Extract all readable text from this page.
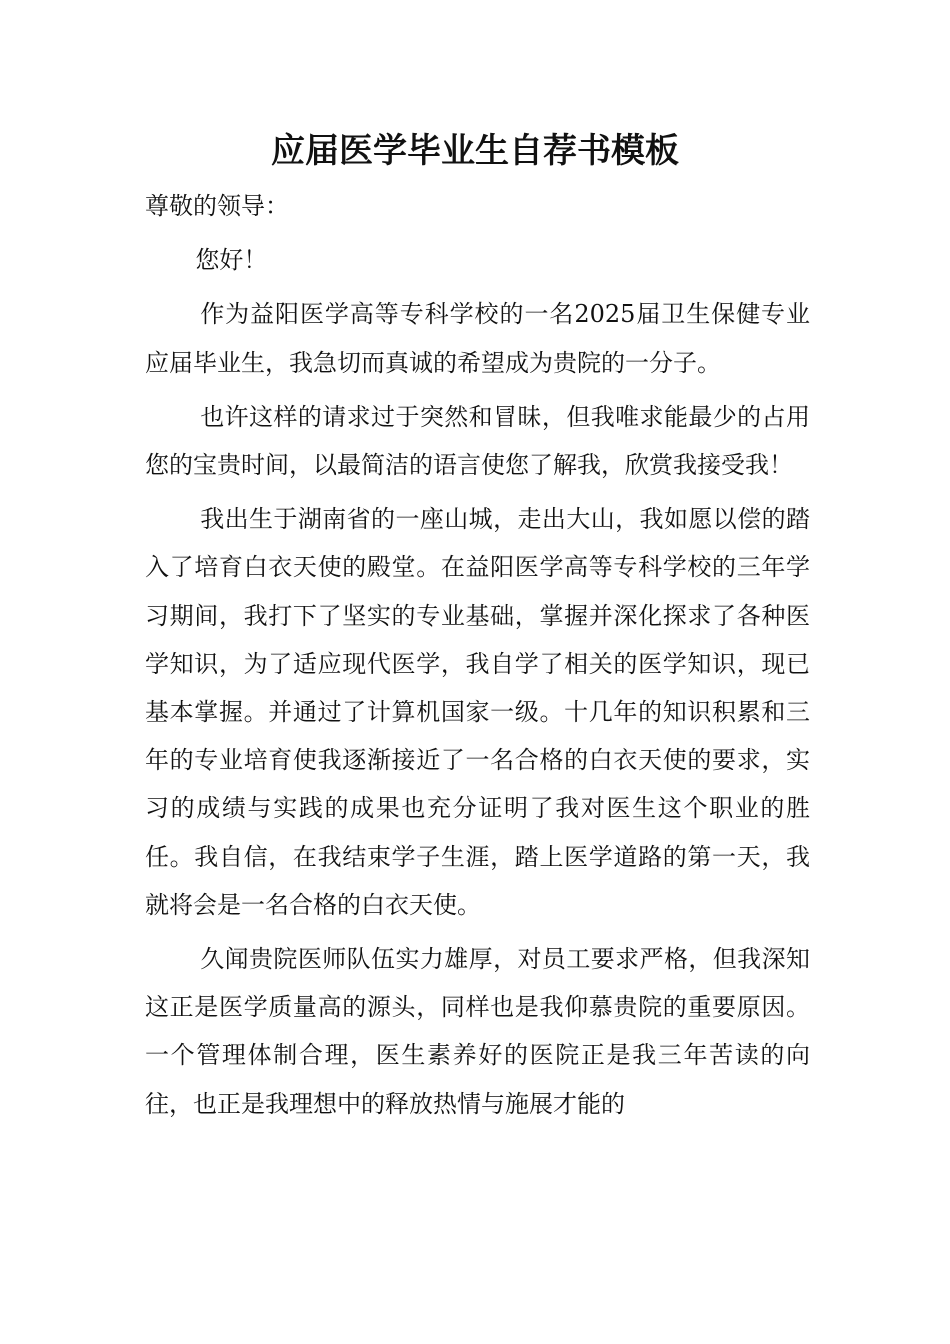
应届医学毕业生自荐书模板

尊敬的领导：

您好！

作为益阳医学高等专科学校的一名2025届卫生保健专业应届毕业生，我急切而真诚的希望成为贵院的一分子。

也许这样的请求过于突然和冒昧，但我唯求能最少的占用您的宝贵时间，以最简洁的语言使您了解我，欣赏我接受我！

我出生于湖南省的一座山城，走出大山，我如愿以偿的踏入了培育白衣天使的殿堂。在益阳医学高等专科学校的三年学习期间，我打下了坚实的专业基础，掌握并深化探求了各种医学知识，为了适应现代医学，我自学了相关的医学知识，现已基本掌握。并通过了计算机国家一级。十几年的知识积累和三年的专业培育使我逐渐接近了一名合格的白衣天使的要求，实习的成绩与实践的成果也充分证明了我对医生这个职业的胜任。我自信，在我结束学子生涯，踏上医学道路的第一天，我就将会是一名合格的白衣天使。

久闻贵院医师队伍实力雄厚，对员工要求严格，但我深知这正是医学质量高的源头，同样也是我仰慕贵院的重要原因。一个管理体制合理，医生素养好的医院正是我三年苦读的向往，也正是我理想中的释放热情与施展才能的
